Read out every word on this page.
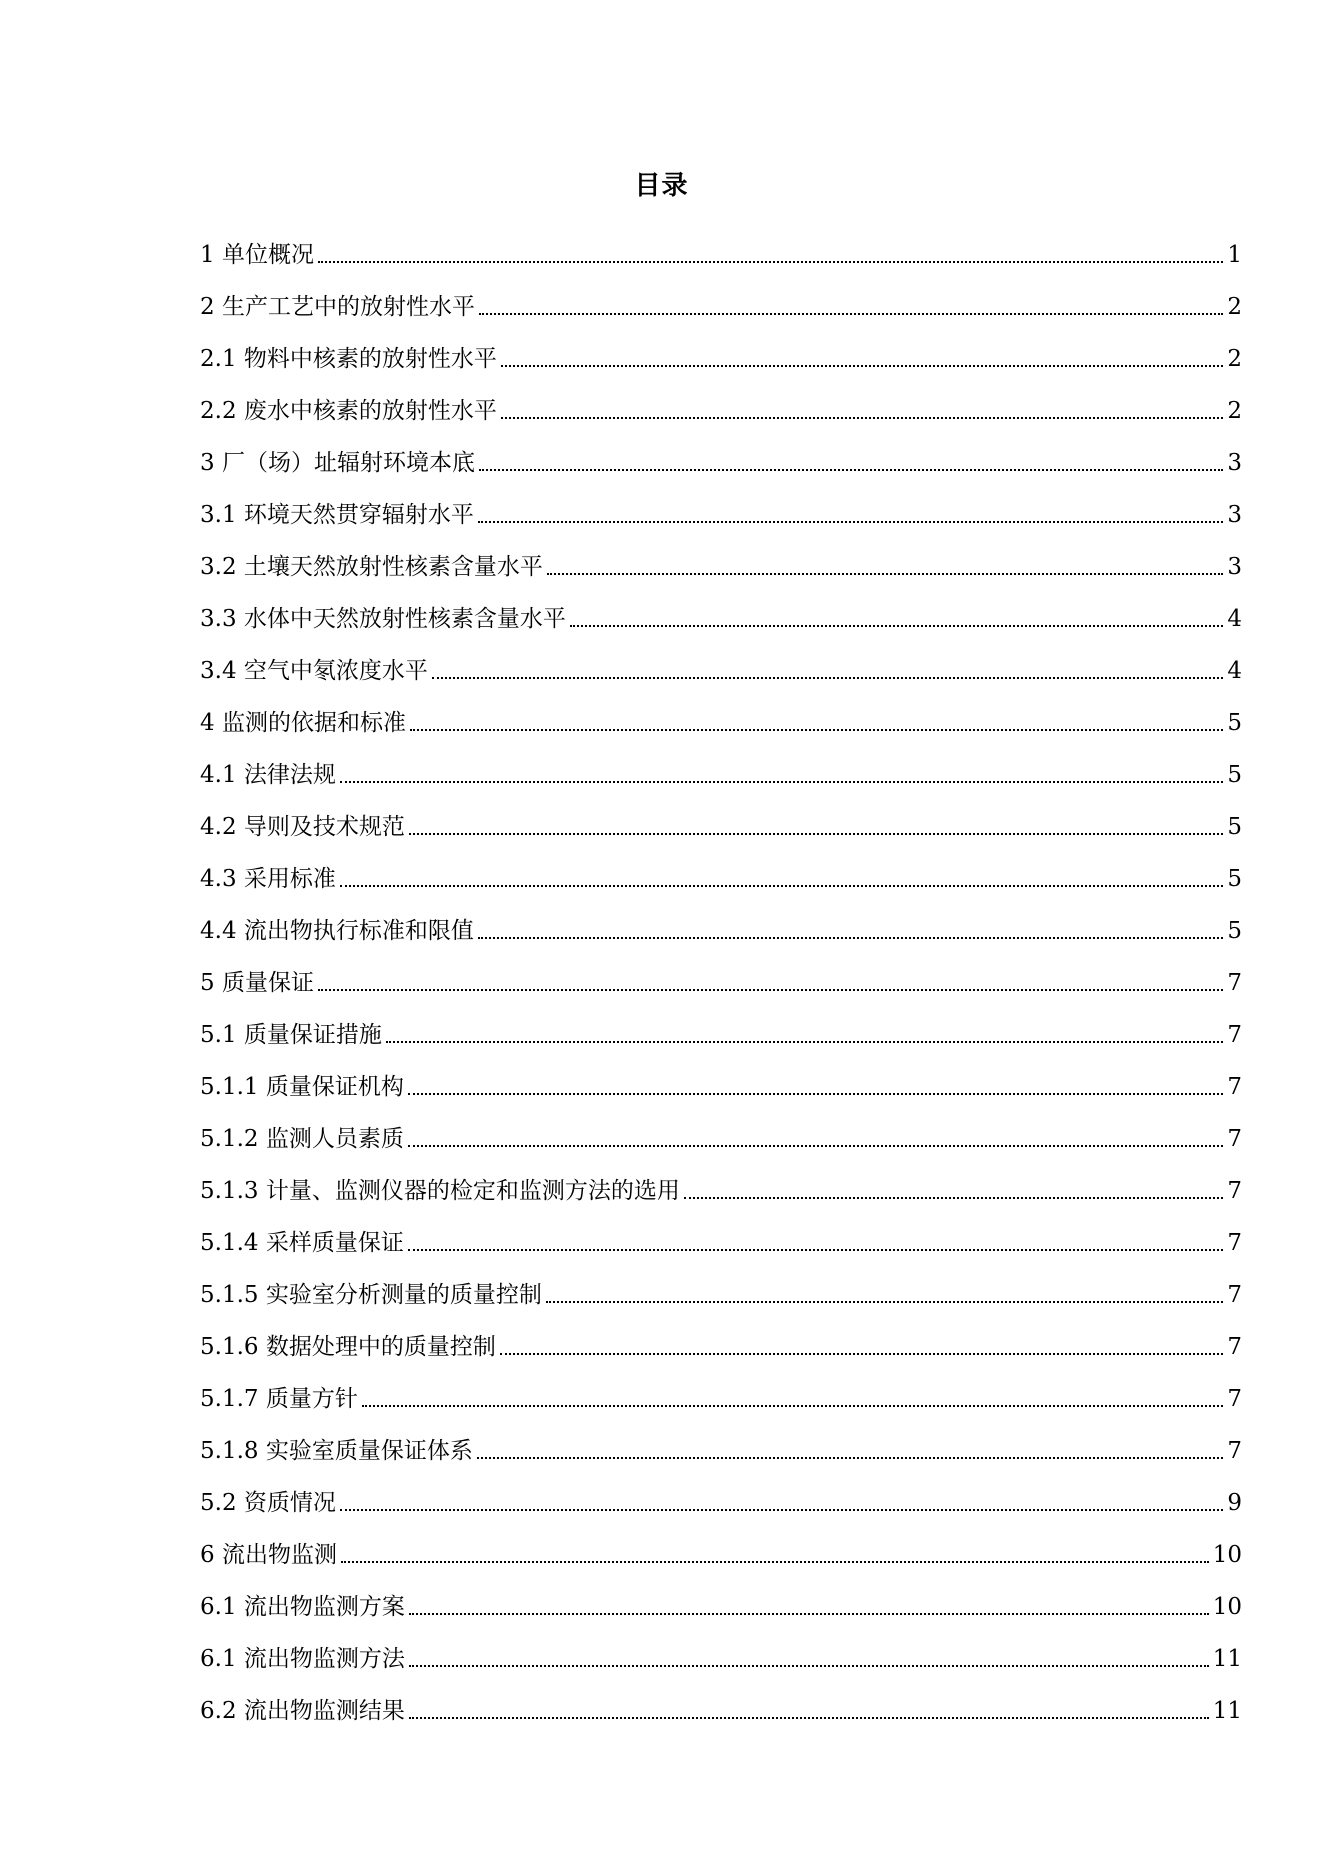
目录
1 单位概况	1
2 生产工艺中的放射性水平	2
2.1 物料中核素的放射性水平	2
2.2 废水中核素的放射性水平	2
3 厂（场）址辐射环境本底	3
3.1 环境天然贯穿辐射水平	3
3.2 土壤天然放射性核素含量水平	3
3.3 水体中天然放射性核素含量水平	4
3.4 空气中氡浓度水平	4
4 监测的依据和标准	5
4.1 法律法规	5
4.2 导则及技术规范	5
4.3 采用标准	5
4.4 流出物执行标准和限值	5
5 质量保证	7
5.1 质量保证措施	7
5.1.1 质量保证机构	7
5.1.2 监测人员素质	7
5.1.3 计量、监测仪器的检定和监测方法的选用	7
5.1.4 采样质量保证	7
5.1.5 实验室分析测量的质量控制	7
5.1.6 数据处理中的质量控制	7
5.1.7 质量方针	7
5.1.8 实验室质量保证体系	7
5.2 资质情况	9
6 流出物监测	10
6.1 流出物监测方案	10
6.1 流出物监测方法	11
6.2 流出物监测结果	11
